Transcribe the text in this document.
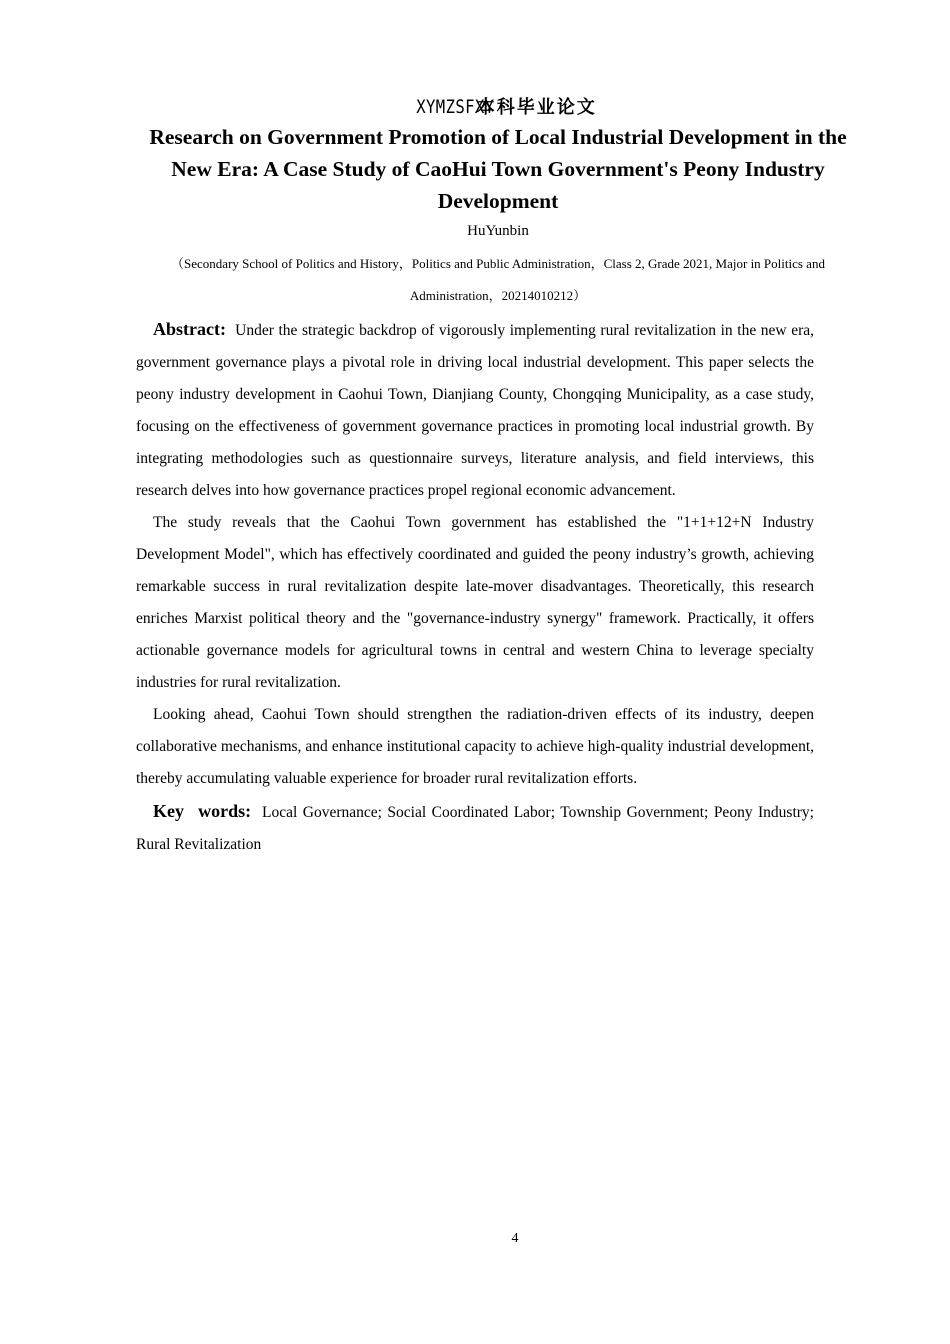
XYMZSFXY本科毕业论文
Research on Government Promotion of Local Industrial Development in the New Era: A Case Study of CaoHui Town Government's Peony Industry Development
HuYunbin
（Secondary School of Politics and History，Politics and Public Administration，Class 2, Grade 2021, Major in Politics and Administration，20214010212）

Abstract: Under the strategic backdrop of vigorously implementing rural revitalization in the new era, government governance plays a pivotal role in driving local industrial development. This paper selects the peony industry development in Caohui Town, Dianjiang County, Chongqing Municipality, as a case study, focusing on the effectiveness of government governance practices in promoting local industrial growth. By integrating methodologies such as questionnaire surveys, literature analysis, and field interviews, this research delves into how governance practices propel regional economic advancement.

The study reveals that the Caohui Town government has established the "1+1+12+N Industry Development Model", which has effectively coordinated and guided the peony industry’s growth, achieving remarkable success in rural revitalization despite late-mover disadvantages. Theoretically, this research enriches Marxist political theory and the "governance-industry synergy" framework. Practically, it offers actionable governance models for agricultural towns in central and western China to leverage specialty industries for rural revitalization.

Looking ahead, Caohui Town should strengthen the radiation-driven effects of its industry, deepen collaborative mechanisms, and enhance institutional capacity to achieve high-quality industrial development, thereby accumulating valuable experience for broader rural revitalization efforts.

Key words: Local Governance; Social Coordinated Labor; Township Government; Peony Industry; Rural Revitalization

4
